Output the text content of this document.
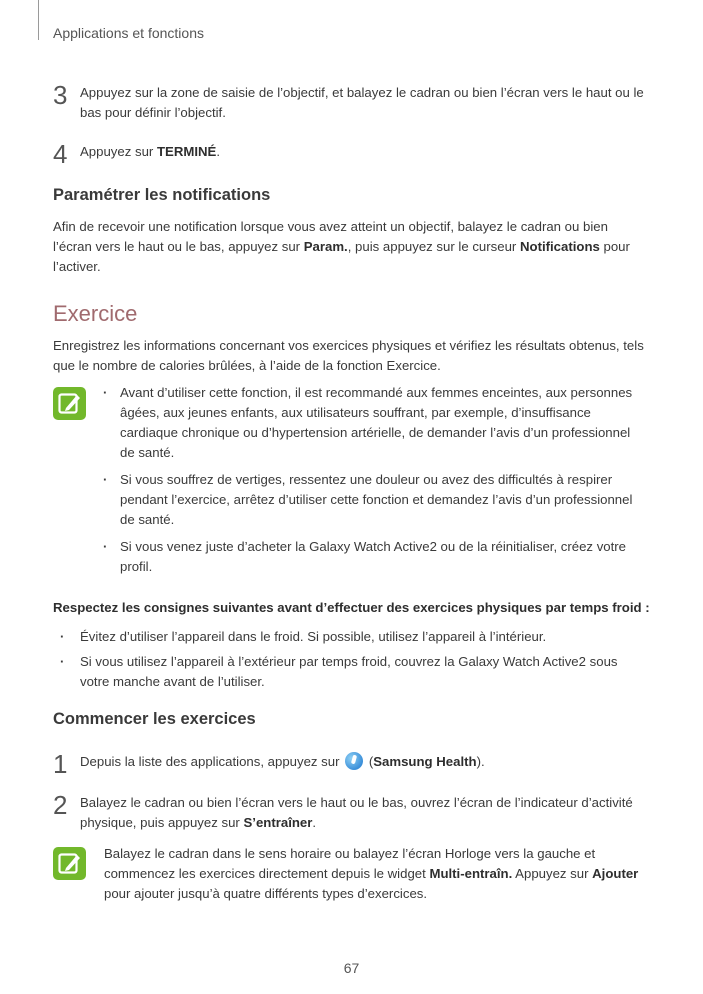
Applications et fonctions
3 Appuyez sur la zone de saisie de l’objectif, et balayez le cadran ou bien l’écran vers le haut ou le bas pour définir l’objectif.
4 Appuyez sur TERMINÉ.
Paramétrer les notifications
Afin de recevoir une notification lorsque vous avez atteint un objectif, balayez le cadran ou bien l’écran vers le haut ou le bas, appuyez sur Param., puis appuyez sur le curseur Notifications pour l’activer.
Exercice
Enregistrez les informations concernant vos exercices physiques et vérifiez les résultats obtenus, tels que le nombre de calories brûlées, à l’aide de la fonction Exercice.
· Avant d’utiliser cette fonction, il est recommandé aux femmes enceintes, aux personnes âgées, aux jeunes enfants, aux utilisateurs souffrant, par exemple, d’insuffisance cardiaque chronique ou d’hypertension artérielle, de demander l’avis d’un professionnel de santé.
· Si vous souffrez de vertiges, ressentez une douleur ou avez des difficultés à respirer pendant l’exercice, arrêtez d’utiliser cette fonction et demandez l’avis d’un professionnel de santé.
· Si vous venez juste d’acheter la Galaxy Watch Active2 ou de la réinitialiser, créez votre profil.
Respectez les consignes suivantes avant d’effectuer des exercices physiques par temps froid :
· Évitez d’utiliser l’appareil dans le froid. Si possible, utilisez l’appareil à l’intérieur.
· Si vous utilisez l’appareil à l’extérieur par temps froid, couvrez la Galaxy Watch Active2 sous votre manche avant de l’utiliser.
Commencer les exercices
1 Depuis la liste des applications, appuyez sur  (Samsung Health).
2 Balayez le cadran ou bien l’écran vers le haut ou le bas, ouvrez l’écran de l’indicateur d’activité physique, puis appuyez sur S’entraîner.
Balayez le cadran dans le sens horaire ou balayez l’écran Horloge vers la gauche et commencez les exercices directement depuis le widget Multi-entraîn. Appuyez sur Ajouter pour ajouter jusqu’à quatre différents types d’exercices.
67
